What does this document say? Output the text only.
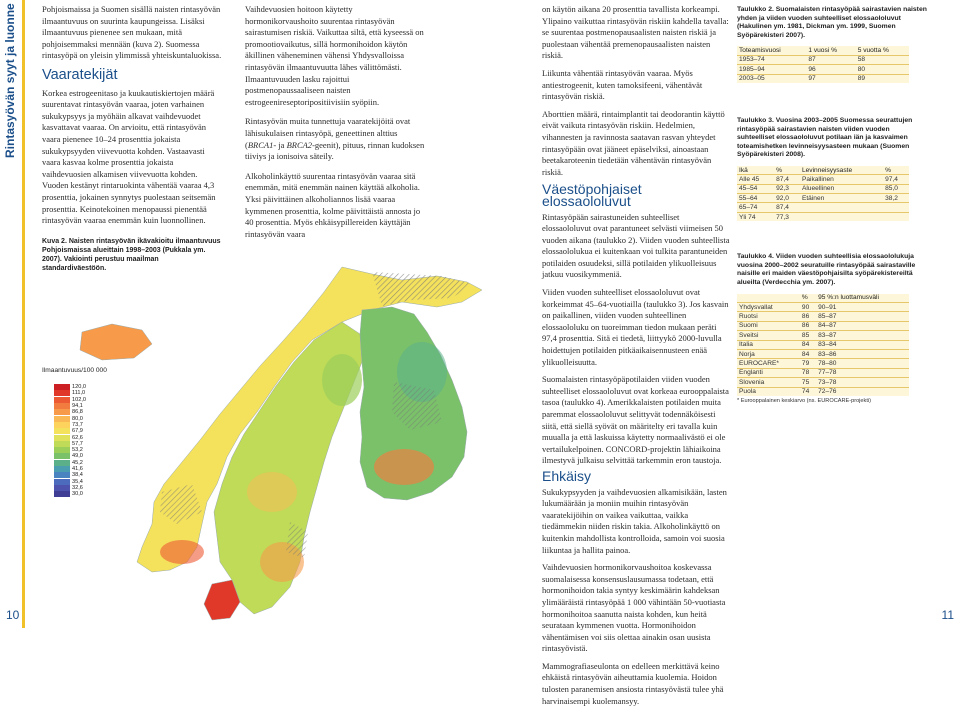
Rintasyövän syyt ja luonne	Pohjoismaissa ja Suomen sisällä naisten rintasyövän ilmaantuvuus on suurinta kaupungeissa. Lisäksi ilmaantuvuus pienenee sen mukaan, mitä pohjoisemmaksi mennään (kuva 2). Suomessa rintasyöpä on yleisin ylimmissä yhteiskuntaluokissa.

Vaaratekijät

Korkea estrogeenitaso ja kuukautiskiertojen määrä suurentavat rintasyövän vaaraa, joten varhainen sukukypsyys ja myöhäin alkavat vaihdevuodet kasvattavat vaaraa. On arvioitu, että rintasyövän vaara pienenee 10–24 prosenttia jokaista sukukypsyyden viivevuotta kohden. Vastaavasti vaara kasvaa kolme prosenttia jokaista vaihdevuosien alkamisen viivevuotta kohden. Vuoden kestänyt rintaruokinta vähentää vaaraa 4,3 prosenttia, jokainen synnytys puolestaan seitsemän prosenttia. Keinotekoinen menopaussi pienentää rintasyövän vaaraa enemmän kuin luonnollinen.

Kuva 2. Naisten rintasyövän ikävakioitu ilmaantuvuus Pohjoismaissa alueittain 1998–2003 (Pukkala ym. 2007). Vakiointi perustuu maailman standardiväestöön.
Ilmaantuvuus/100 000
120,0
111,0
102,0
94,1
86,8
80,0
73,7
67,9
62,6
57,7
53,2
49,0
45,2
41,6
38,4
35,4
32,6
30,0

Vaihdevuosien hoitoon käytetty hormonikorvaushoito suurentaa rintasyövän sairastumisen riskiä. Vaikuttaa siltä, että kyseessä on promootiovaikutus, sillä hormonihoidon käytön äkillinen väheneminen vähensi Yhdysvalloissa rintasyövän ilmaantuvuutta lähes välittömästi. Ilmaantuvuuden lasku rajoittui postmenopaussaaliseen naisten estrogeenireseptoripositiivisiin syöpiin.

Rintasyövän muita tunnettuja vaaratekijöitä ovat lähisukulaisen rintasyöpä, geneettinen alttius (BRCA1- ja BRCA2-geenit), pituus, rinnan kudoksen tiiviys ja ionisoiva säteily.

Alkoholinkäyttö suurentaa rintasyövän vaaraa sitä enemmän, mitä enemmän nainen käyttää alkoholia. Yksi päivittäinen alkoholiannos lisää vaaraa kymmenen prosenttia, kolme päivittäistä annosta jo 40 prosenttia. Myös ehkäisypillereiden käyttäjän rintasyövän vaara

on käytön aikana 20 prosenttia tavallista korkeampi. Ylipaino vaikuttaa rintasyövän riskiin kahdella tavalla: se suurentaa postmenopausaalisten naisten riskiä ja puolestaan vähentää premenopausaalisten naisten riskiä.

Liikunta vähentää rintasyövän vaaraa. Myös antiestrogeenit, kuten tamoksifeeni, vähentävät rintasyövän riskiä.

Aborttien määrä, rintaimplantit tai deodorantin käyttö eivät vaikuta rintasyövän riskiin. Hedelmien, vihannesten ja ravinnosta saatavan rasvan yhteydet rintasyöpään ovat jääneet epäselviksi, ainoastaan beetakaroteenin tiedetään vähentävän rintasyövän riskiä.

Väestöpohjaiset elossaololuvut

Rintasyöpään sairastuneiden suhteelliset elossaololuvut ovat parantuneet selvästi viimeisen 50 vuoden aikana (taulukko 2). Viiden vuoden suhteellista elossaololukua ei kuitenkaan voi tulkita parantuneiden potilaiden osuudeksi, sillä potilaiden ylikuolleisuus jatkuu vuosikymmeniä.

Viiden vuoden suhteelliset elossaololuvut ovat korkeimmat 45–64-vuotiailla (taulukko 3). Jos kasvain on paikallinen, viiden vuoden suhteellinen elossaololuku on tuoreimman tiedon mukaan peräti 97,4 prosenttia. Sitä ei tiedetä, liittyykö 2000-luvulla hoidettujen potilaiden pitkäaikaisennusteen enää ylikuolleisuutta.

Suomalaisten rintasyöpäpotilaiden viiden vuoden suhteelliset elossaololuvut ovat korkeaa eurooppalaista tasoa (taulukko 4). Amerikkalaisten potilaiden muita paremmat elossaololuvut selittyvät todennäköisesti siitä, että siellä syövät on määritelty eri tavalla kuin muualla ja että laskuissa käytetty normaalivästö ei ole vertailukelpoinen. CONCORD-projektin lähiaikoina ilmestyvä julkaisu selvittää tarkemmin eron taustoja.

Ehkäisy

Sukukypsyyden ja vaihdevuosien alkamisikään, lasten lukumäärään ja moniin muihin rintasyövän vaaratekijöihin on vaikea vaikuttaa, vaikka tiedämmekin niiden riskin takia. Alkoholinkäyttö on kuitenkin mahdollista kontrolloida, samoin voi suosia liikuntaa ja hallita painoa.

Vaihdevuosien hormonikorvaushoitoa koskevassa suomalaisessa konsensuslausumassa todetaan, että hormonihoidon takia syntyy keskimäärin kahdeksan ylimääräistä rintasyöpää 1 000 vähintään 50-vuotiasta hormonihoitoa saanutta naista kohden, kun heitä seurataan kymmenen vuotta. Hormonihoidon vähentämisen voi siis olettaa ainakin osan uusista rintasyövistä.

Mammografiaseulonta on edelleen merkittävä keino ehkäistä rintasyövän aiheuttamia kuolemia. Hoidon tulosten paranemisen ansiosta rintasyövästä tulee yhä harvinaisempi kuolemansyy.

Taulukko 2. Suomalaisten rintasyöpää sairastavien naisten yhden ja viiden vuoden suhteelliset elossaololuvut (Hakulinen ym. 1981, Dickman ym. 1999, Suomen Syöpärekisteri 2007).
Toteamisvuosi	1 vuosi %	5 vuotta %
1953–74	87	58
1985–94	96	80
2003–05	97	89
Taulukko 3. Vuosina 2003–2005 Suomessa seurattujen rintasyöpää sairastavien naisten viiden vuoden suhteelliset elossaololuvut potilaan iän ja kasvaimen toteamishetken levinneisyysasteen mukaan (Suomen Syöpärekisteri 2008).
Ikä	%	Levinneisyysaste	%
Alle 45	87,4	Paikallinen	97,4
45–54	92,3	Alueellinen	85,0
55–64	92,0	Etäinen	38,2
65–74	87,4		
Yli 74	77,3		
Taulukko 4. Viiden vuoden suhteellisia elossaololukuja vuosina 2000–2002 seuratuille rintasyöpää sairastaville naisille eri maiden väestöpohjaisilta syöpärekistereiltä alueilta (Verdecchia ym. 2007).
	%	95 %:n luottamusväli
Yhdysvallat	90	90–91
Ruotsi	86	85–87
Suomi	86	84–87
Sveitsi	85	83–87
Italia	84	83–84
Norja	84	83–86
EUROCARE*	79	78–80
Englanti	78	77–78
Slovenia	75	73–78
Puola	74	72–76
* Eurooppalainen keskiarvo (ns. EUROCARE-projekti)
10	11
